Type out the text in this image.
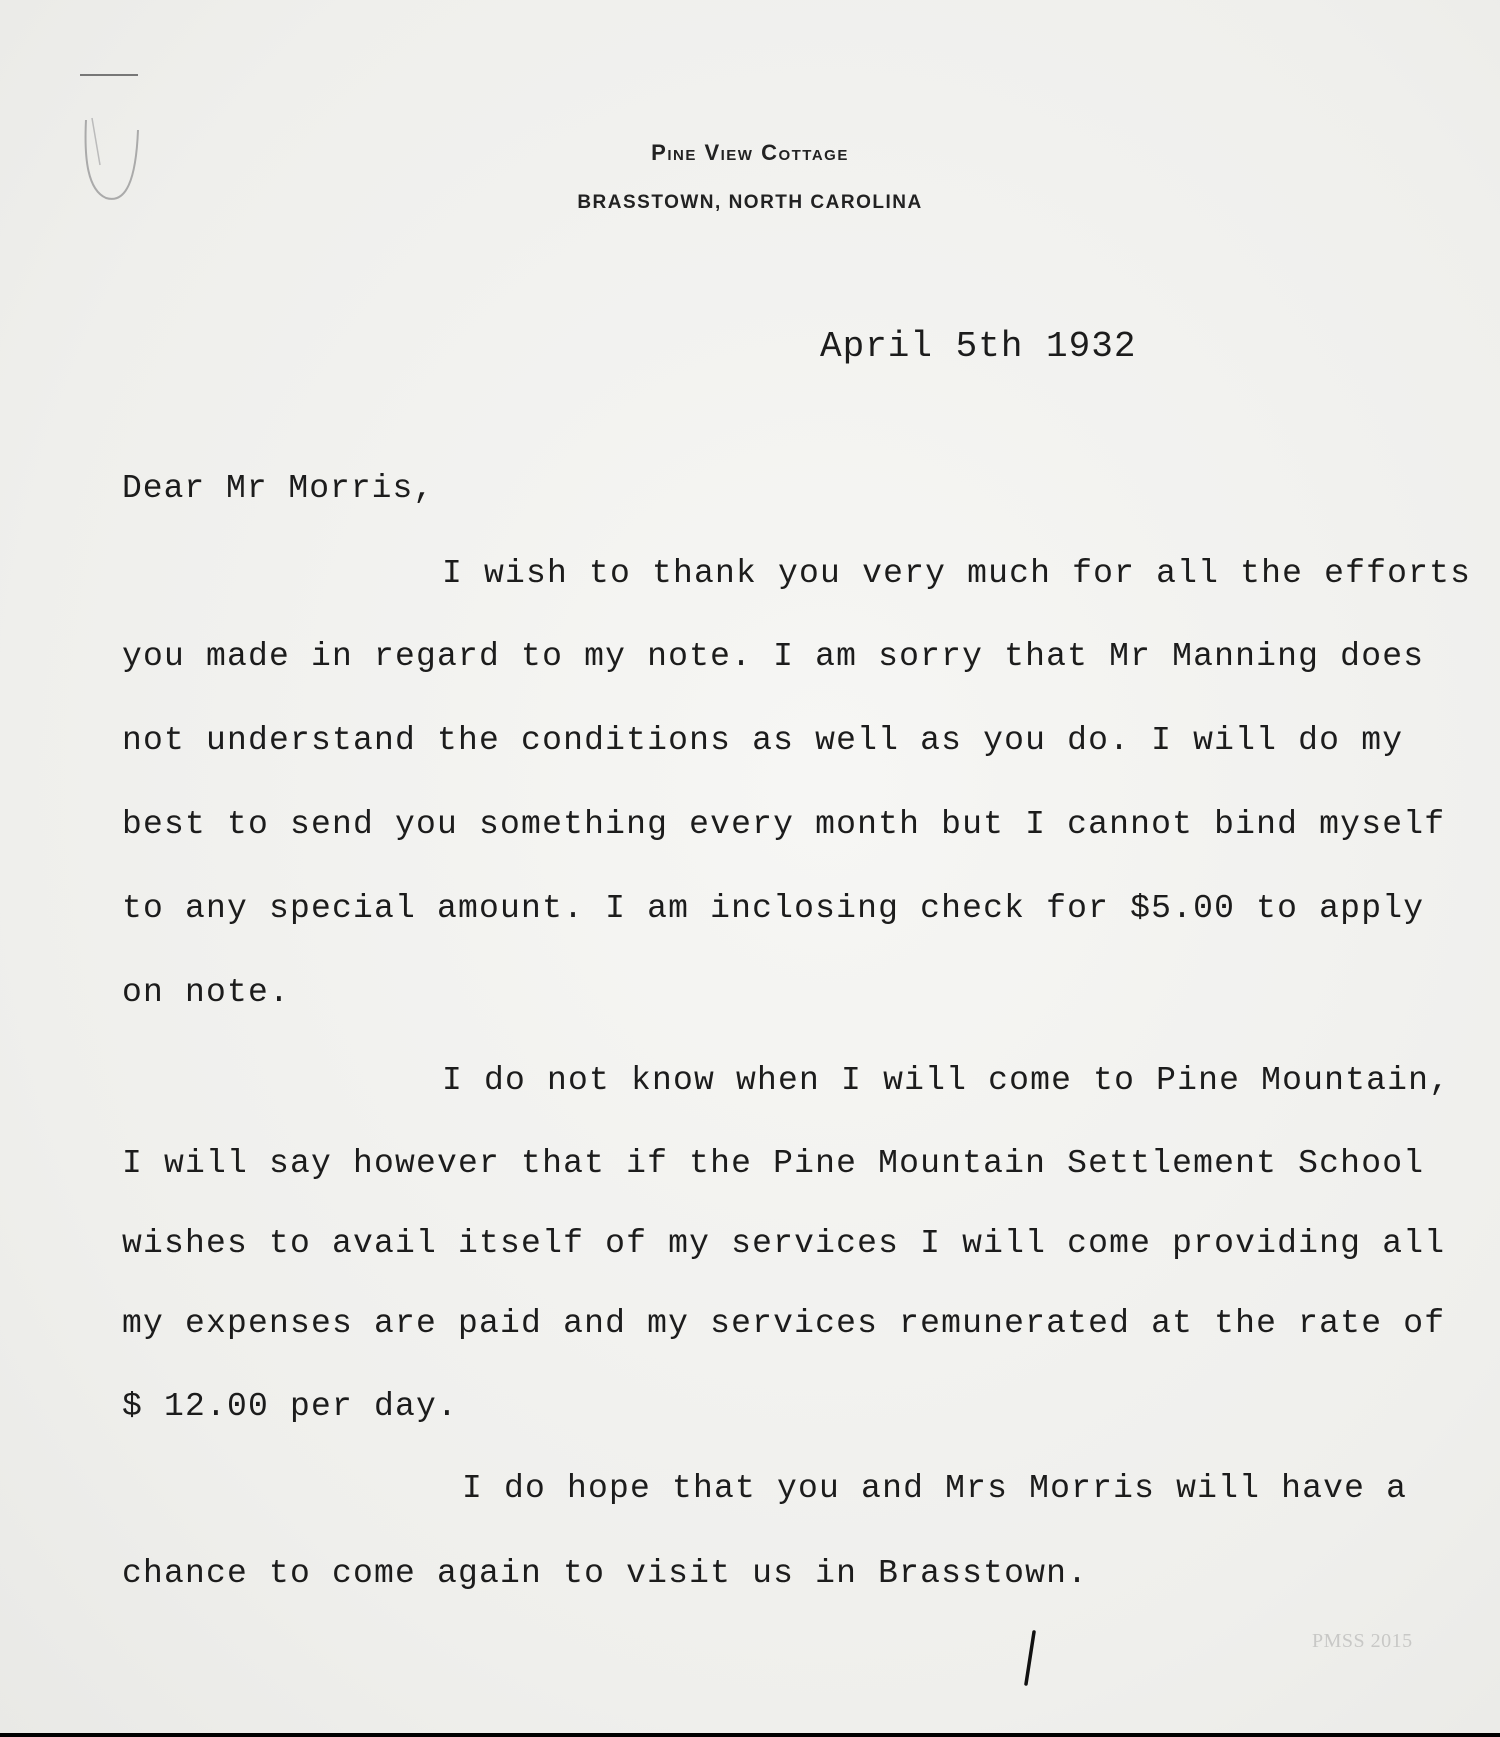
Pine View Cottage
BRASSTOWN, NORTH CAROLINA
April 5th 1932
Dear Mr Morris,
I wish to thank you very much for all the efforts
you made in regard to my note. I am sorry that Mr Manning does
not understand the conditions as well as you do. I will do my
best to send you something every month but I cannot bind myself
to any special amount. I am inclosing check for $5.00 to apply
on note.
I do not know when I will come to Pine Mountain,
I will say however that if the Pine Mountain Settlement School
wishes to avail itself of my services I will come providing all
my expenses are paid and my services remunerated at the rate of
$ 12.00 per day.
I do hope that you and Mrs Morris will have a
chance to come again to visit us in Brasstown.
PMSS 2015
